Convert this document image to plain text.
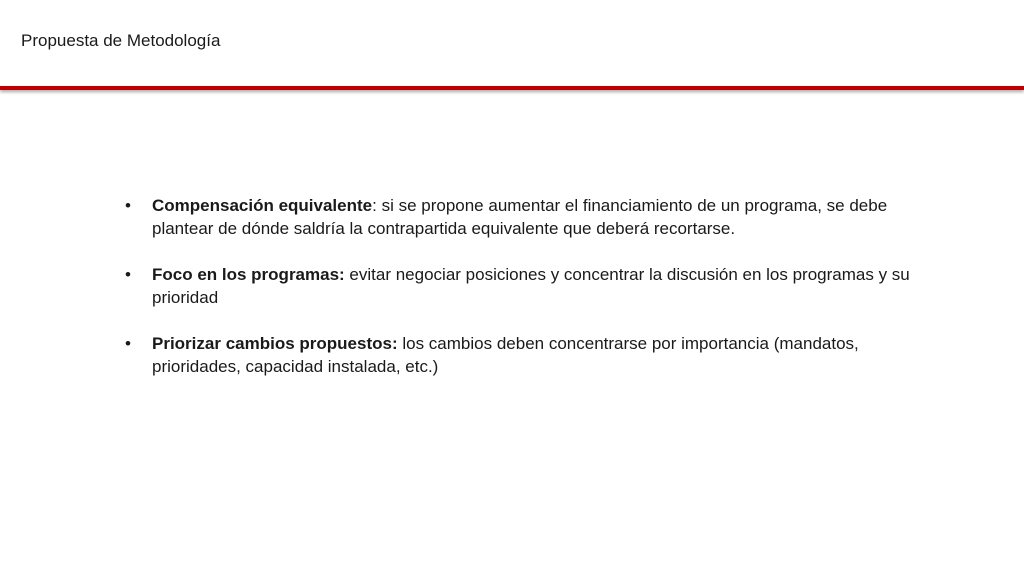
Propuesta de Metodología
•	Compensación equivalente: si se propone aumentar el financiamiento de un programa, se debe plantear de dónde saldría la contrapartida equivalente que deberá recortarse.
•	Foco en los programas: evitar negociar posiciones y concentrar la discusión en los programas y su prioridad
•	Priorizar cambios propuestos: los cambios deben concentrarse por importancia (mandatos, prioridades, capacidad instalada, etc.)
